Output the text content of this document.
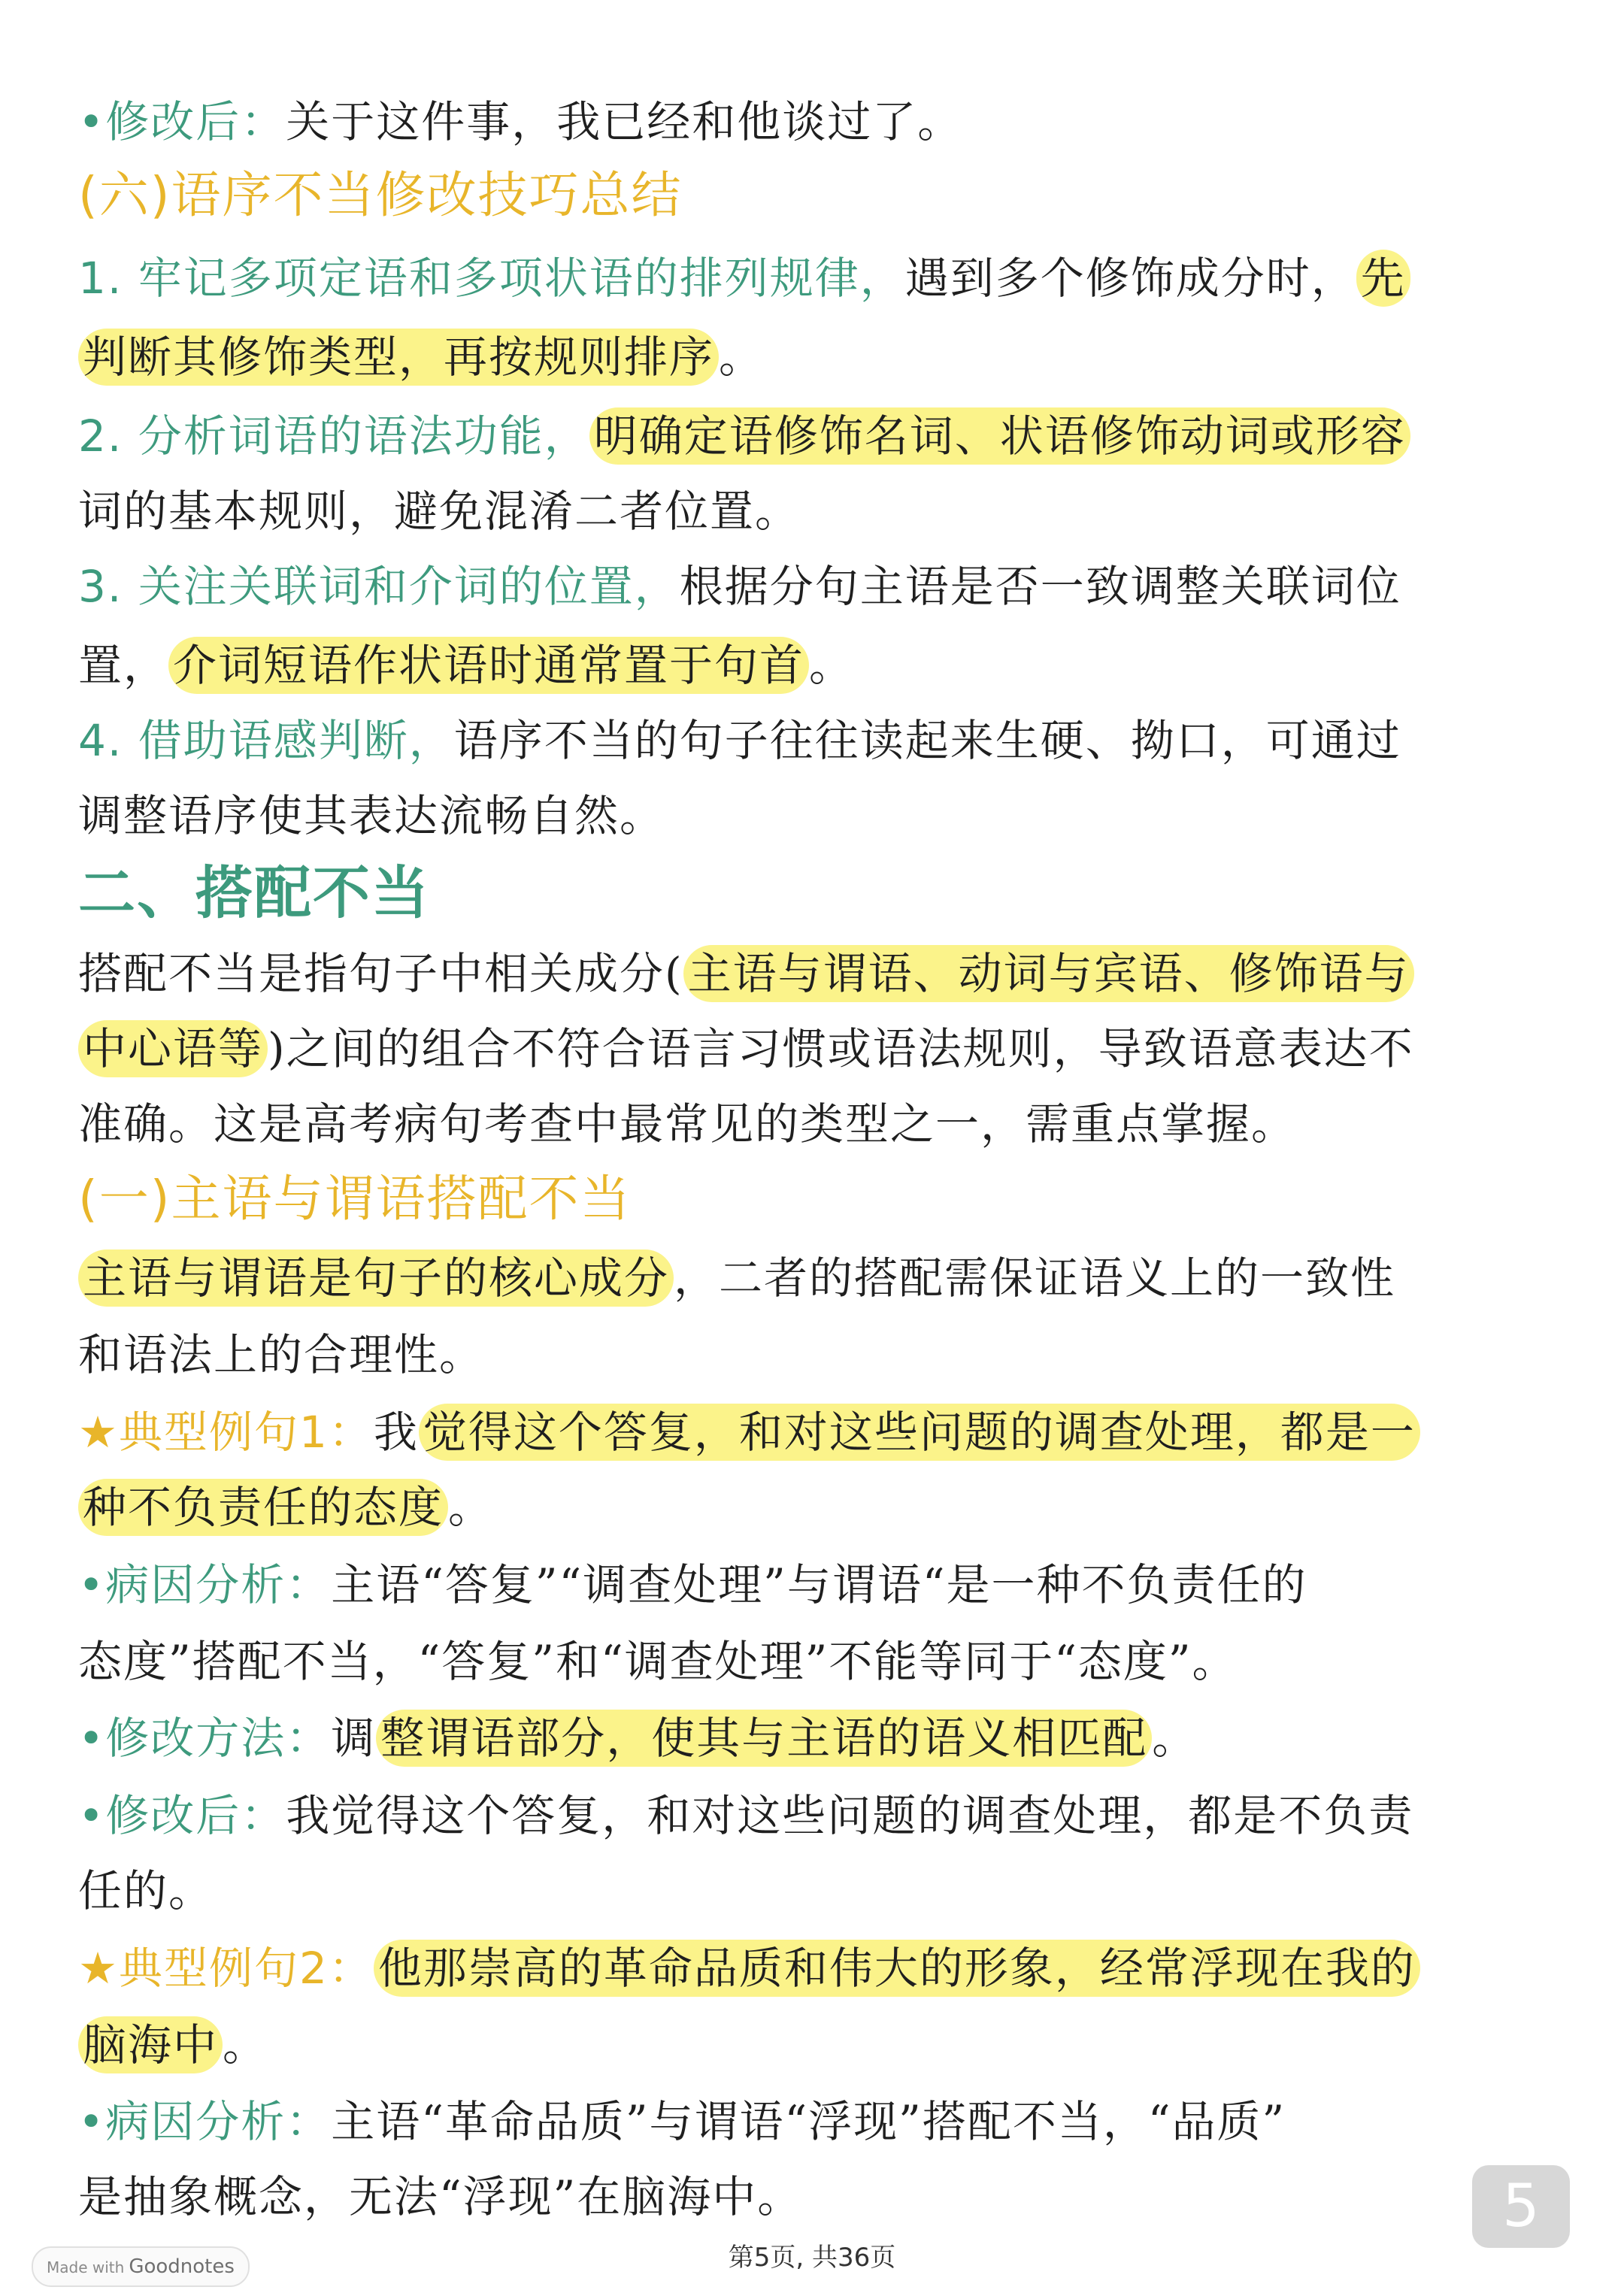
•修改后：关于这件事，我已经和他谈过了。
(六)语序不当修改技巧总结
1. 牢记多项定语和多项状语的排列规律，遇到多个修饰成分时， 先
判断其修饰类型，再按规则排序 。
2. 分析词语的语法功能， 明确定语修饰名词、状语修饰动词或形容
词的基本规则，避免混淆二者位置。
3. 关注关联词和介词的位置，根据分句主语是否一致调整关联词位
置， 介词短语作状语时通常置于句首 。
4. 借助语感判断，语序不当的句子往往读起来生硬、拗口，可通过
调整语序使其表达流畅自然。
二、搭配不当
搭配不当是指句子中相关成分( 主语与谓语、动词与宾语、修饰语与
中心语等 )之间的组合不符合语言习惯或语法规则，导致语意表达不
准确。这是高考病句考查中最常见的类型之一，需重点掌握。
(一)主语与谓语搭配不当
主语与谓语是句子的核心成分 ，二者的搭配需保证语义上的一致性
和语法上的合理性。
★典型例句1：我 觉得这个答复，和对这些问题的调查处理，都是一
种不负责任的态度 。
•病因分析：主语“答复”“调查处理”与谓语“是一种不负责任的
态度”搭配不当，“答复”和“调查处理”不能等同于“态度”。
•修改方法：调 整谓语部分，使其与主语的语义相匹配 。
•修改后：我觉得这个答复，和对这些问题的调查处理，都是不负责
任的。
★典型例句2： 他那崇高的革命品质和伟大的形象，经常浮现在我的
脑海中 。
•病因分析：主语“革命品质”与谓语“浮现”搭配不当，“品质”
是抽象概念，无法“浮现”在脑海中。	5
第5页, 共36页
Made with Goodnotes
